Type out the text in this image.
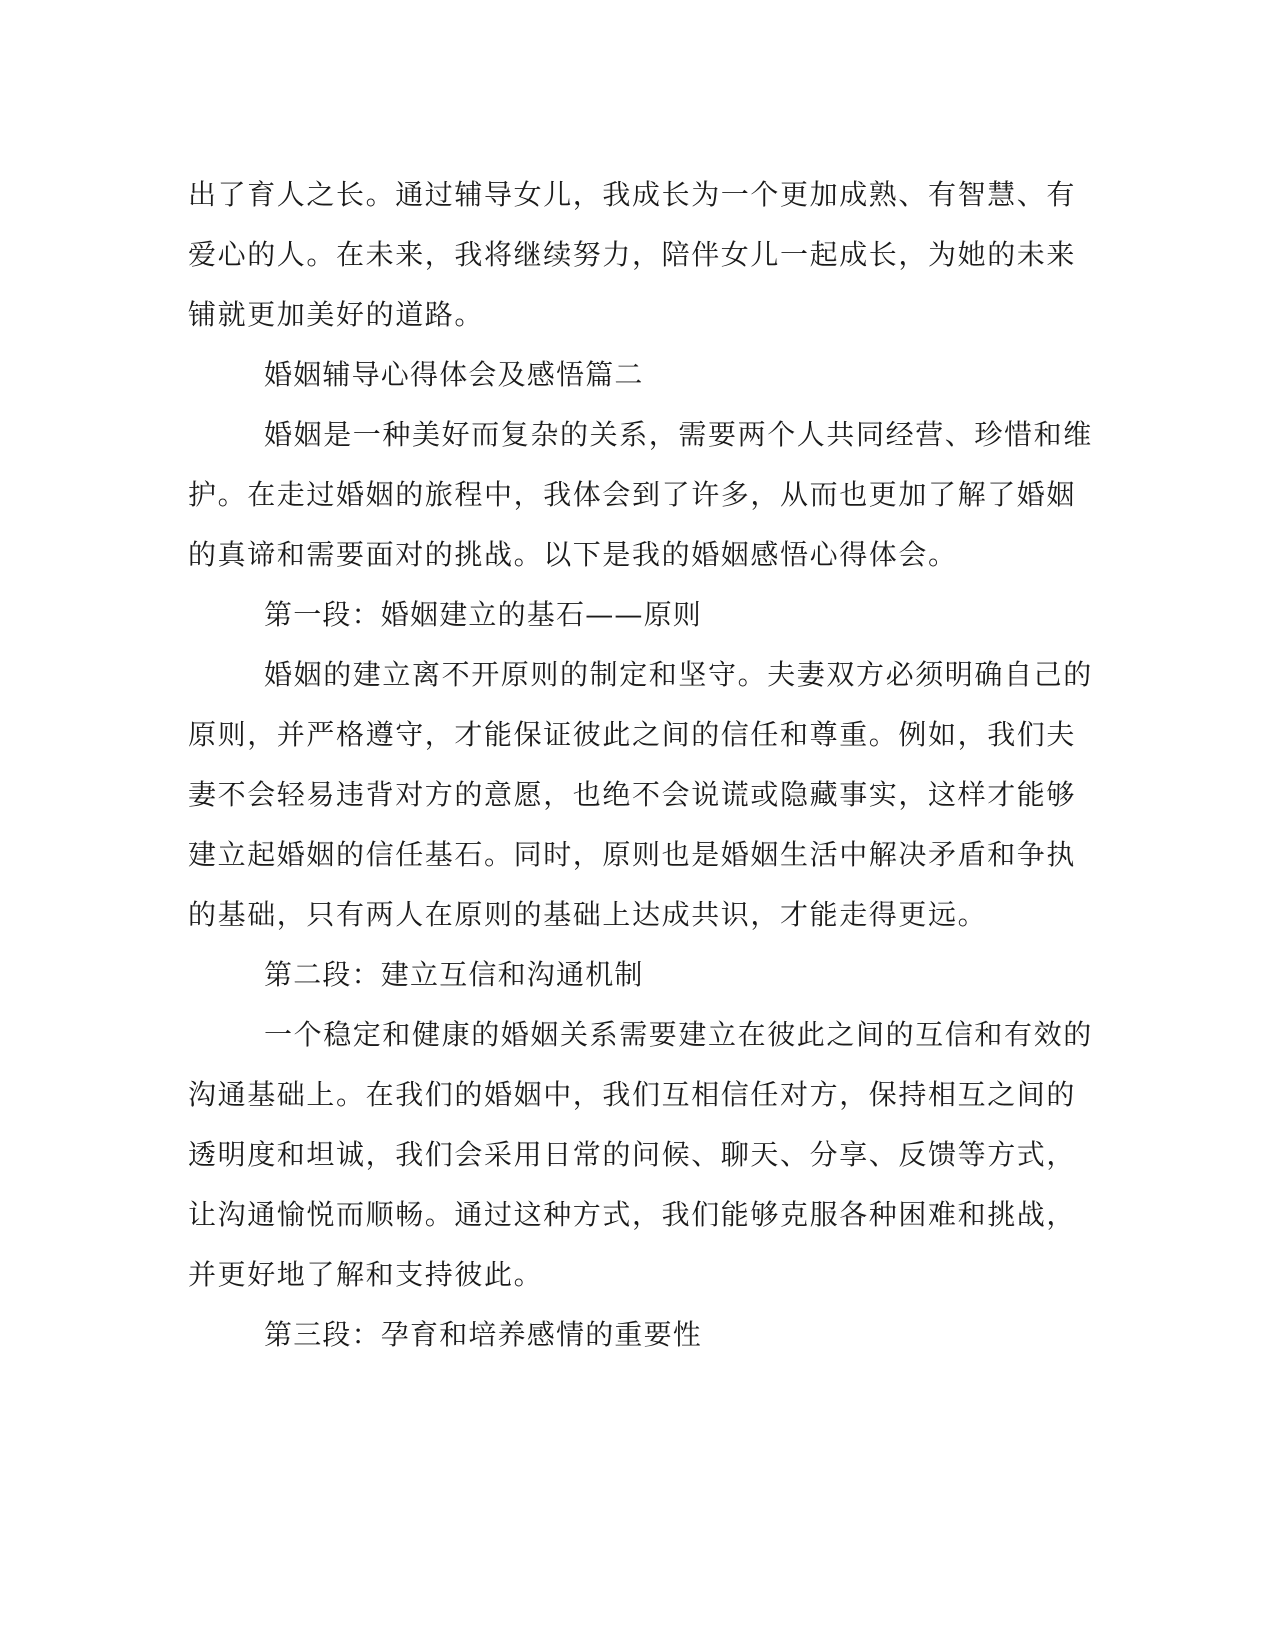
出了育人之长。通过辅导女儿，我成长为一个更加成熟、有智慧、有
爱心的人。在未来，我将继续努力，陪伴女儿一起成长，为她的未来
铺就更加美好的道路。
婚姻辅导心得体会及感悟篇二
婚姻是一种美好而复杂的关系，需要两个人共同经营、珍惜和维
护。在走过婚姻的旅程中，我体会到了许多，从而也更加了解了婚姻
的真谛和需要面对的挑战。以下是我的婚姻感悟心得体会。
第一段：婚姻建立的基石——原则
婚姻的建立离不开原则的制定和坚守。夫妻双方必须明确自己的
原则，并严格遵守，才能保证彼此之间的信任和尊重。例如，我们夫
妻不会轻易违背对方的意愿，也绝不会说谎或隐藏事实，这样才能够
建立起婚姻的信任基石。同时，原则也是婚姻生活中解决矛盾和争执
的基础，只有两人在原则的基础上达成共识，才能走得更远。
第二段：建立互信和沟通机制
一个稳定和健康的婚姻关系需要建立在彼此之间的互信和有效的
沟通基础上。在我们的婚姻中，我们互相信任对方，保持相互之间的
透明度和坦诚，我们会采用日常的问候、聊天、分享、反馈等方式，
让沟通愉悦而顺畅。通过这种方式，我们能够克服各种困难和挑战，
并更好地了解和支持彼此。
第三段：孕育和培养感情的重要性
